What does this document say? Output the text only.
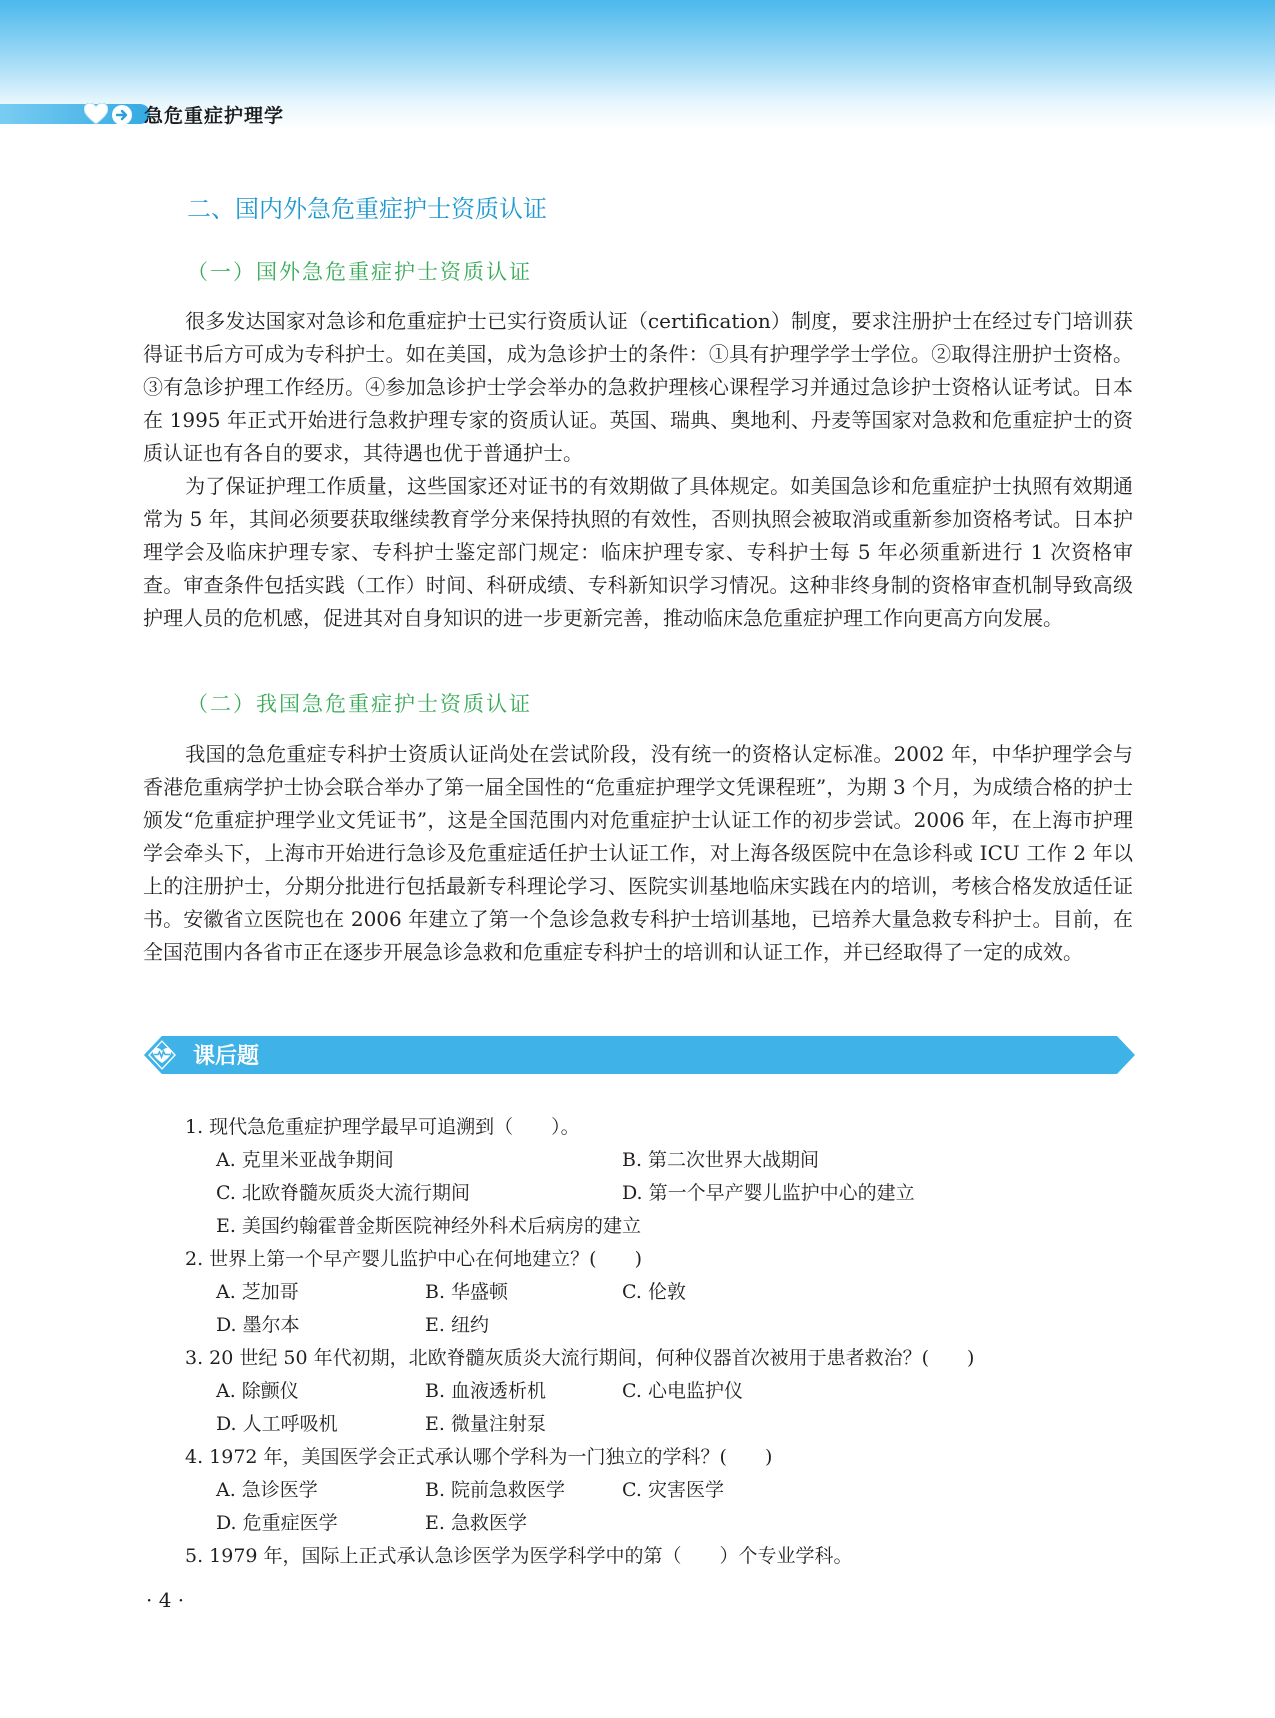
急危重症护理学
二、国内外急危重症护士资质认证
（一）国外急危重症护士资质认证
很多发达国家对急诊和危重症护士已实行资质认证（certification）制度，要求注册护士在经过专门培训获得证书后方可成为专科护士。如在美国，成为急诊护士的条件：①具有护理学学士学位。②取得注册护士资格。③有急诊护理工作经历。④参加急诊护士学会举办的急救护理核心课程学习并通过急诊护士资格认证考试。日本在 1995 年正式开始进行急救护理专家的资质认证。英国、瑞典、奥地利、丹麦等国家对急救和危重症护士的资质认证也有各自的要求，其待遇也优于普通护士。
为了保证护理工作质量，这些国家还对证书的有效期做了具体规定。如美国急诊和危重症护士执照有效期通常为 5 年，其间必须要获取继续教育学分来保持执照的有效性，否则执照会被取消或重新参加资格考试。日本护理学会及临床护理专家、专科护士鉴定部门规定：临床护理专家、专科护士每 5 年必须重新进行 1 次资格审查。审查条件包括实践（工作）时间、科研成绩、专科新知识学习情况。这种非终身制的资格审查机制导致高级护理人员的危机感，促进其对自身知识的进一步更新完善，推动临床急危重症护理工作向更高方向发展。
（二）我国急危重症护士资质认证
我国的急危重症专科护士资质认证尚处在尝试阶段，没有统一的资格认定标准。2002 年，中华护理学会与香港危重病学护士协会联合举办了第一届全国性的“危重症护理学文凭课程班”，为期 3 个月，为成绩合格的护士颁发“危重症护理学业文凭证书”，这是全国范围内对危重症护士认证工作的初步尝试。2006 年，在上海市护理学会牵头下，上海市开始进行急诊及危重症适任护士认证工作，对上海各级医院中在急诊科或 ICU 工作 2 年以上的注册护士，分期分批进行包括最新专科理论学习、医院实训基地临床实践在内的培训，考核合格发放适任证书。安徽省立医院也在 2006 年建立了第一个急诊急救专科护士培训基地，已培养大量急救专科护士。目前，在全国范围内各省市正在逐步开展急诊急救和危重症专科护士的培训和认证工作，并已经取得了一定的成效。
课后题
1. 现代急危重症护理学最早可追溯到（　　）。
A. 克里米亚战争期间	B. 第二次世界大战期间
C. 北欧脊髓灰质炎大流行期间	D. 第一个早产婴儿监护中心的建立
E. 美国约翰霍普金斯医院神经外科术后病房的建立
2. 世界上第一个早产婴儿监护中心在何地建立？(　　)
A. 芝加哥	B. 华盛顿	C. 伦敦
D. 墨尔本	E. 纽约
3. 20 世纪 50 年代初期，北欧脊髓灰质炎大流行期间，何种仪器首次被用于患者救治？(　　)
A. 除颤仪	B. 血液透析机	C. 心电监护仪
D. 人工呼吸机	E. 微量注射泵
4. 1972 年，美国医学会正式承认哪个学科为一门独立的学科？(　　)
A. 急诊医学	B. 院前急救医学	C. 灾害医学
D. 危重症医学	E. 急救医学
5. 1979 年，国际上正式承认急诊医学为医学科学中的第（　　）个专业学科。
· 4 ·
